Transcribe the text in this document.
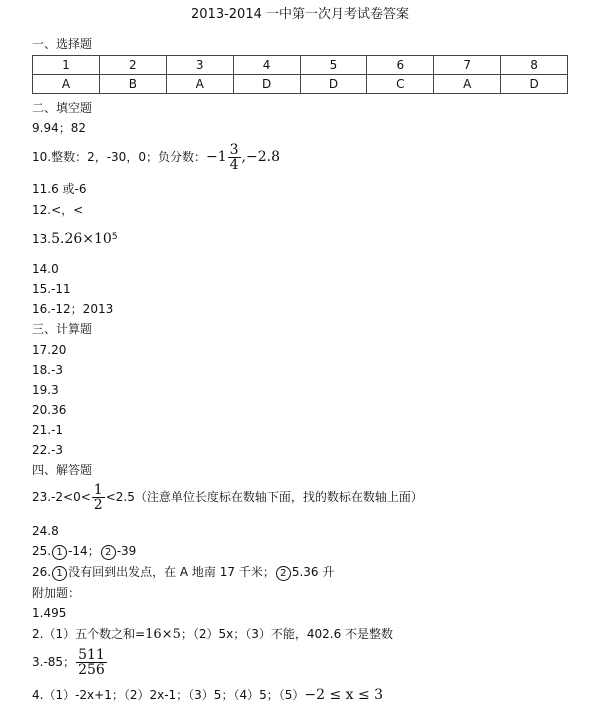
2013-2014 一中第一次月考试卷答案
一、选择题
1	2	3	4	5	6	7	8
A	B	A	D	D	C	A	D
二、填空题
9.94；82
10.整数：2，-30，0；负分数：$-1 \frac{3}{4} ,-2.8$
11.6 或-6
12.<，<
$13.5.26\times 10^5$
14.0
15.-11
16.-12；2013
三、计算题
17.20
18.-3
19.3
20.36
21.-1
22.-3
四、解答题
$23.-2<0< \frac{1}{2} <2.5$（注意单位长度标在数轴下面，找的数标在数轴上面）
24.8
25. 1 -14； 2 -39
26. 1 没有回到出发点，在 A 地南 17 千米； 2 5.36 升
附加题：
1.495
2.（1）五个数之和=16×5；（2）5x；（3）不能，402.6 不是整数
3.-85； $\frac{511}{256}$
4.（1）-2x+1；（2）2x-1；（3）5；（4）5；（5）−2 ≤ x ≤ 3
